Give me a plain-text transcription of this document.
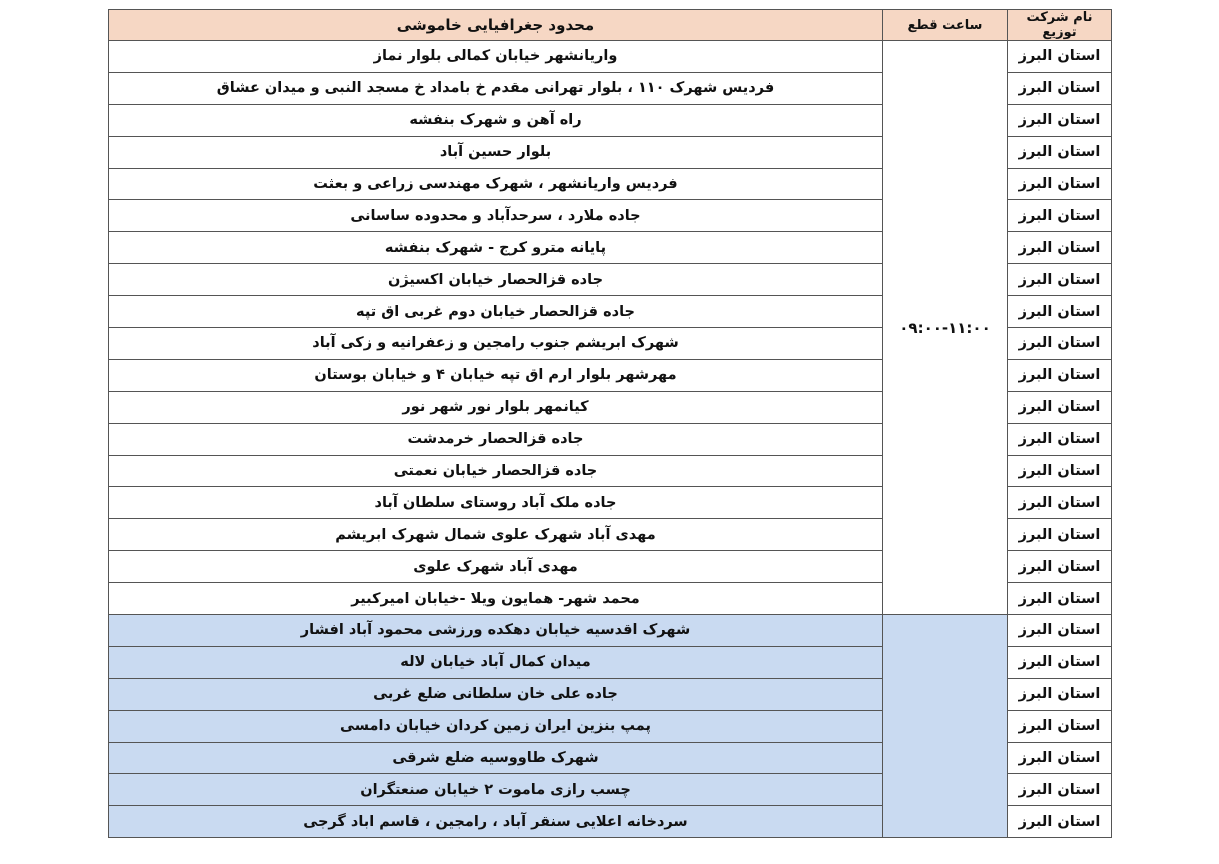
نام شرکت توزیع	ساعت قطع	محدود جغرافیایی خاموشی
استان البرز	۰۹:۰۰-۱۱:۰۰	واریانشهر خیابان کمالی بلوار نماز
استان البرز		فردیس شهرک ۱۱۰ ، بلوار تهرانی مقدم خ بامداد خ مسجد النبی و میدان عشاق
استان البرز		راه آهن و شهرک بنفشه
استان البرز		بلوار حسین آباد
استان البرز		فردیس واریانشهر ، شهرک مهندسی زراعی و بعثت
استان البرز		جاده ملارد ، سرحدآباد و محدوده ساسانی
استان البرز		پایانه مترو کرج - شهرک بنفشه
استان البرز		جاده قزالحصار خیابان اکسیژن
استان البرز		جاده قزالحصار خیابان دوم غربی اق تپه
استان البرز		شهرک ابریشم جنوب رامجین و زعفرانیه و زکی آباد
استان البرز		مهرشهر بلوار ارم اق تپه خیابان ۴ و خیابان بوستان
استان البرز		کیانمهر بلوار نور شهر نور
استان البرز		جاده قزالحصار خرمدشت
استان البرز		جاده قزالحصار خیابان نعمتی
استان البرز		جاده ملک آباد روستای سلطان آباد
استان البرز		مهدی آباد شهرک علوی شمال شهرک ابریشم
استان البرز		مهدی آباد شهرک علوی
استان البرز		محمد شهر- همایون ویلا -خیابان امیرکبیر
استان البرز		شهرک اقدسیه خیابان دهکده ورزشی محمود آباد افشار
استان البرز		میدان کمال آباد خیابان لاله
استان البرز		جاده علی خان سلطانی ضلع غربی
استان البرز		پمپ بنزین ایران زمین کردان خیابان دامسی
استان البرز		شهرک طاووسیه ضلع شرقی
استان البرز		چسب رازی ماموت ۲ خیابان صنعتگران
استان البرز		سردخانه اعلایی سنقر آباد ، رامجین ، قاسم اباد گرجی
